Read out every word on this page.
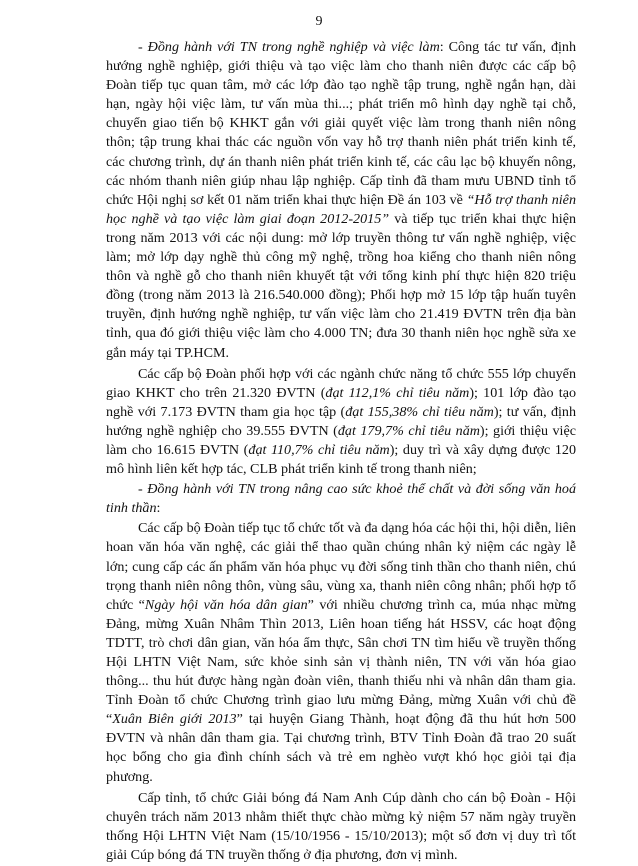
9

- Đồng hành với TN trong nghề nghiệp và việc làm: Công tác tư vấn, định hướng nghề nghiệp, giới thiệu và tạo việc làm cho thanh niên được các cấp bộ Đoàn tiếp tục quan tâm, mở các lớp đào tạo nghề tập trung, nghề ngắn hạn, dài hạn, ngày hội việc làm, tư vấn mùa thi...; phát triển mô hình dạy nghề tại chỗ, chuyển giao tiến bộ KHKT gắn với giải quyết việc làm trong thanh niên nông thôn; tập trung khai thác các nguồn vốn vay hỗ trợ thanh niên phát triển kinh tế, các chương trình, dự án thanh niên phát triển kinh tế, các câu lạc bộ khuyến nông, các nhóm thanh niên giúp nhau lập nghiệp. Cấp tỉnh đã tham mưu UBND tỉnh tổ chức Hội nghị sơ kết 01 năm triển khai thực hiện Đề án 103 về “Hỗ trợ thanh niên học nghề và tạo việc làm giai đoạn 2012-2015” và tiếp tục triển khai thực hiện trong năm 2013 với các nội dung: mở lớp truyền thông tư vấn nghề nghiệp, việc làm; mở lớp dạy nghề thủ công mỹ nghệ, trồng hoa kiểng cho thanh niên nông thôn và nghề gỗ cho thanh niên khuyết tật với tổng kinh phí thực hiện 820 triệu đồng (trong năm 2013 là 216.540.000 đồng); Phối hợp mở 15 lớp tập huấn tuyên truyền, định hướng nghề nghiệp, tư vấn việc làm cho 21.419 ĐVTN trên địa bàn tỉnh, qua đó giới thiệu việc làm cho 4.000 TN; đưa 30 thanh niên học nghề sửa xe gắn máy tại TP.HCM.

Các cấp bộ Đoàn phối hợp với các ngành chức năng tổ chức 555 lớp chuyển giao KHKT cho trên 21.320 ĐVTN (đạt 112,1% chỉ tiêu năm); 101 lớp đào tạo nghề với 7.173 ĐVTN tham gia học tập (đạt 155,38% chỉ tiêu năm); tư vấn, định hướng nghề nghiệp cho 39.555 ĐVTN (đạt 179,7% chỉ tiêu năm); giới thiệu việc làm cho 16.615 ĐVTN (đạt 110,7% chỉ tiêu năm); duy trì và xây dựng được 120 mô hình liên kết hợp tác, CLB phát triển kinh tế trong thanh niên;

- Đồng hành với TN trong nâng cao sức khoẻ thể chất và đời sống văn hoá tinh thần:

Các cấp bộ Đoàn tiếp tục tổ chức tốt và đa dạng hóa các hội thi, hội diễn, liên hoan văn hóa văn nghệ, các giải thể thao quần chúng nhân kỷ niệm các ngày lễ lớn; cung cấp các ấn phẩm văn hóa phục vụ đời sống tinh thần cho thanh niên, chú trọng thanh niên nông thôn, vùng sâu, vùng xa, thanh niên công nhân; phối hợp tổ chức “Ngày hội văn hóa dân gian” với nhiều chương trình ca, múa nhạc mừng Đảng, mừng Xuân Nhâm Thìn 2013, Liên hoan tiếng hát HSSV, các hoạt động TDTT, trò chơi dân gian, văn hóa ẩm thực, Sân chơi TN tìm hiểu về truyền thống Hội LHTN Việt Nam, sức khỏe sinh sản vị thành niên, TN với văn hóa giao thông... thu hút được hàng ngàn đoàn viên, thanh thiếu nhi và nhân dân tham gia. Tỉnh Đoàn tổ chức Chương trình giao lưu mừng Đảng, mừng Xuân với chủ đề “Xuân Biên giới 2013” tại huyện Giang Thành, hoạt động đã thu hút hơn 500 ĐVTN và nhân dân tham gia. Tại chương trình, BTV Tỉnh Đoàn đã trao 20 suất học bổng cho gia đình chính sách và trẻ em nghèo vượt khó học giỏi tại địa phương.

Cấp tỉnh, tổ chức Giải bóng đá Nam Anh Cúp dành cho cán bộ Đoàn - Hội chuyên trách năm 2013 nhằm thiết thực chào mừng kỷ niệm 57 năm ngày truyền thống Hội LHTN Việt Nam (15/10/1956 - 15/10/2013); một số đơn vị duy trì tốt giải Cúp bóng đá TN truyền thống ở địa phương, đơn vị mình.
